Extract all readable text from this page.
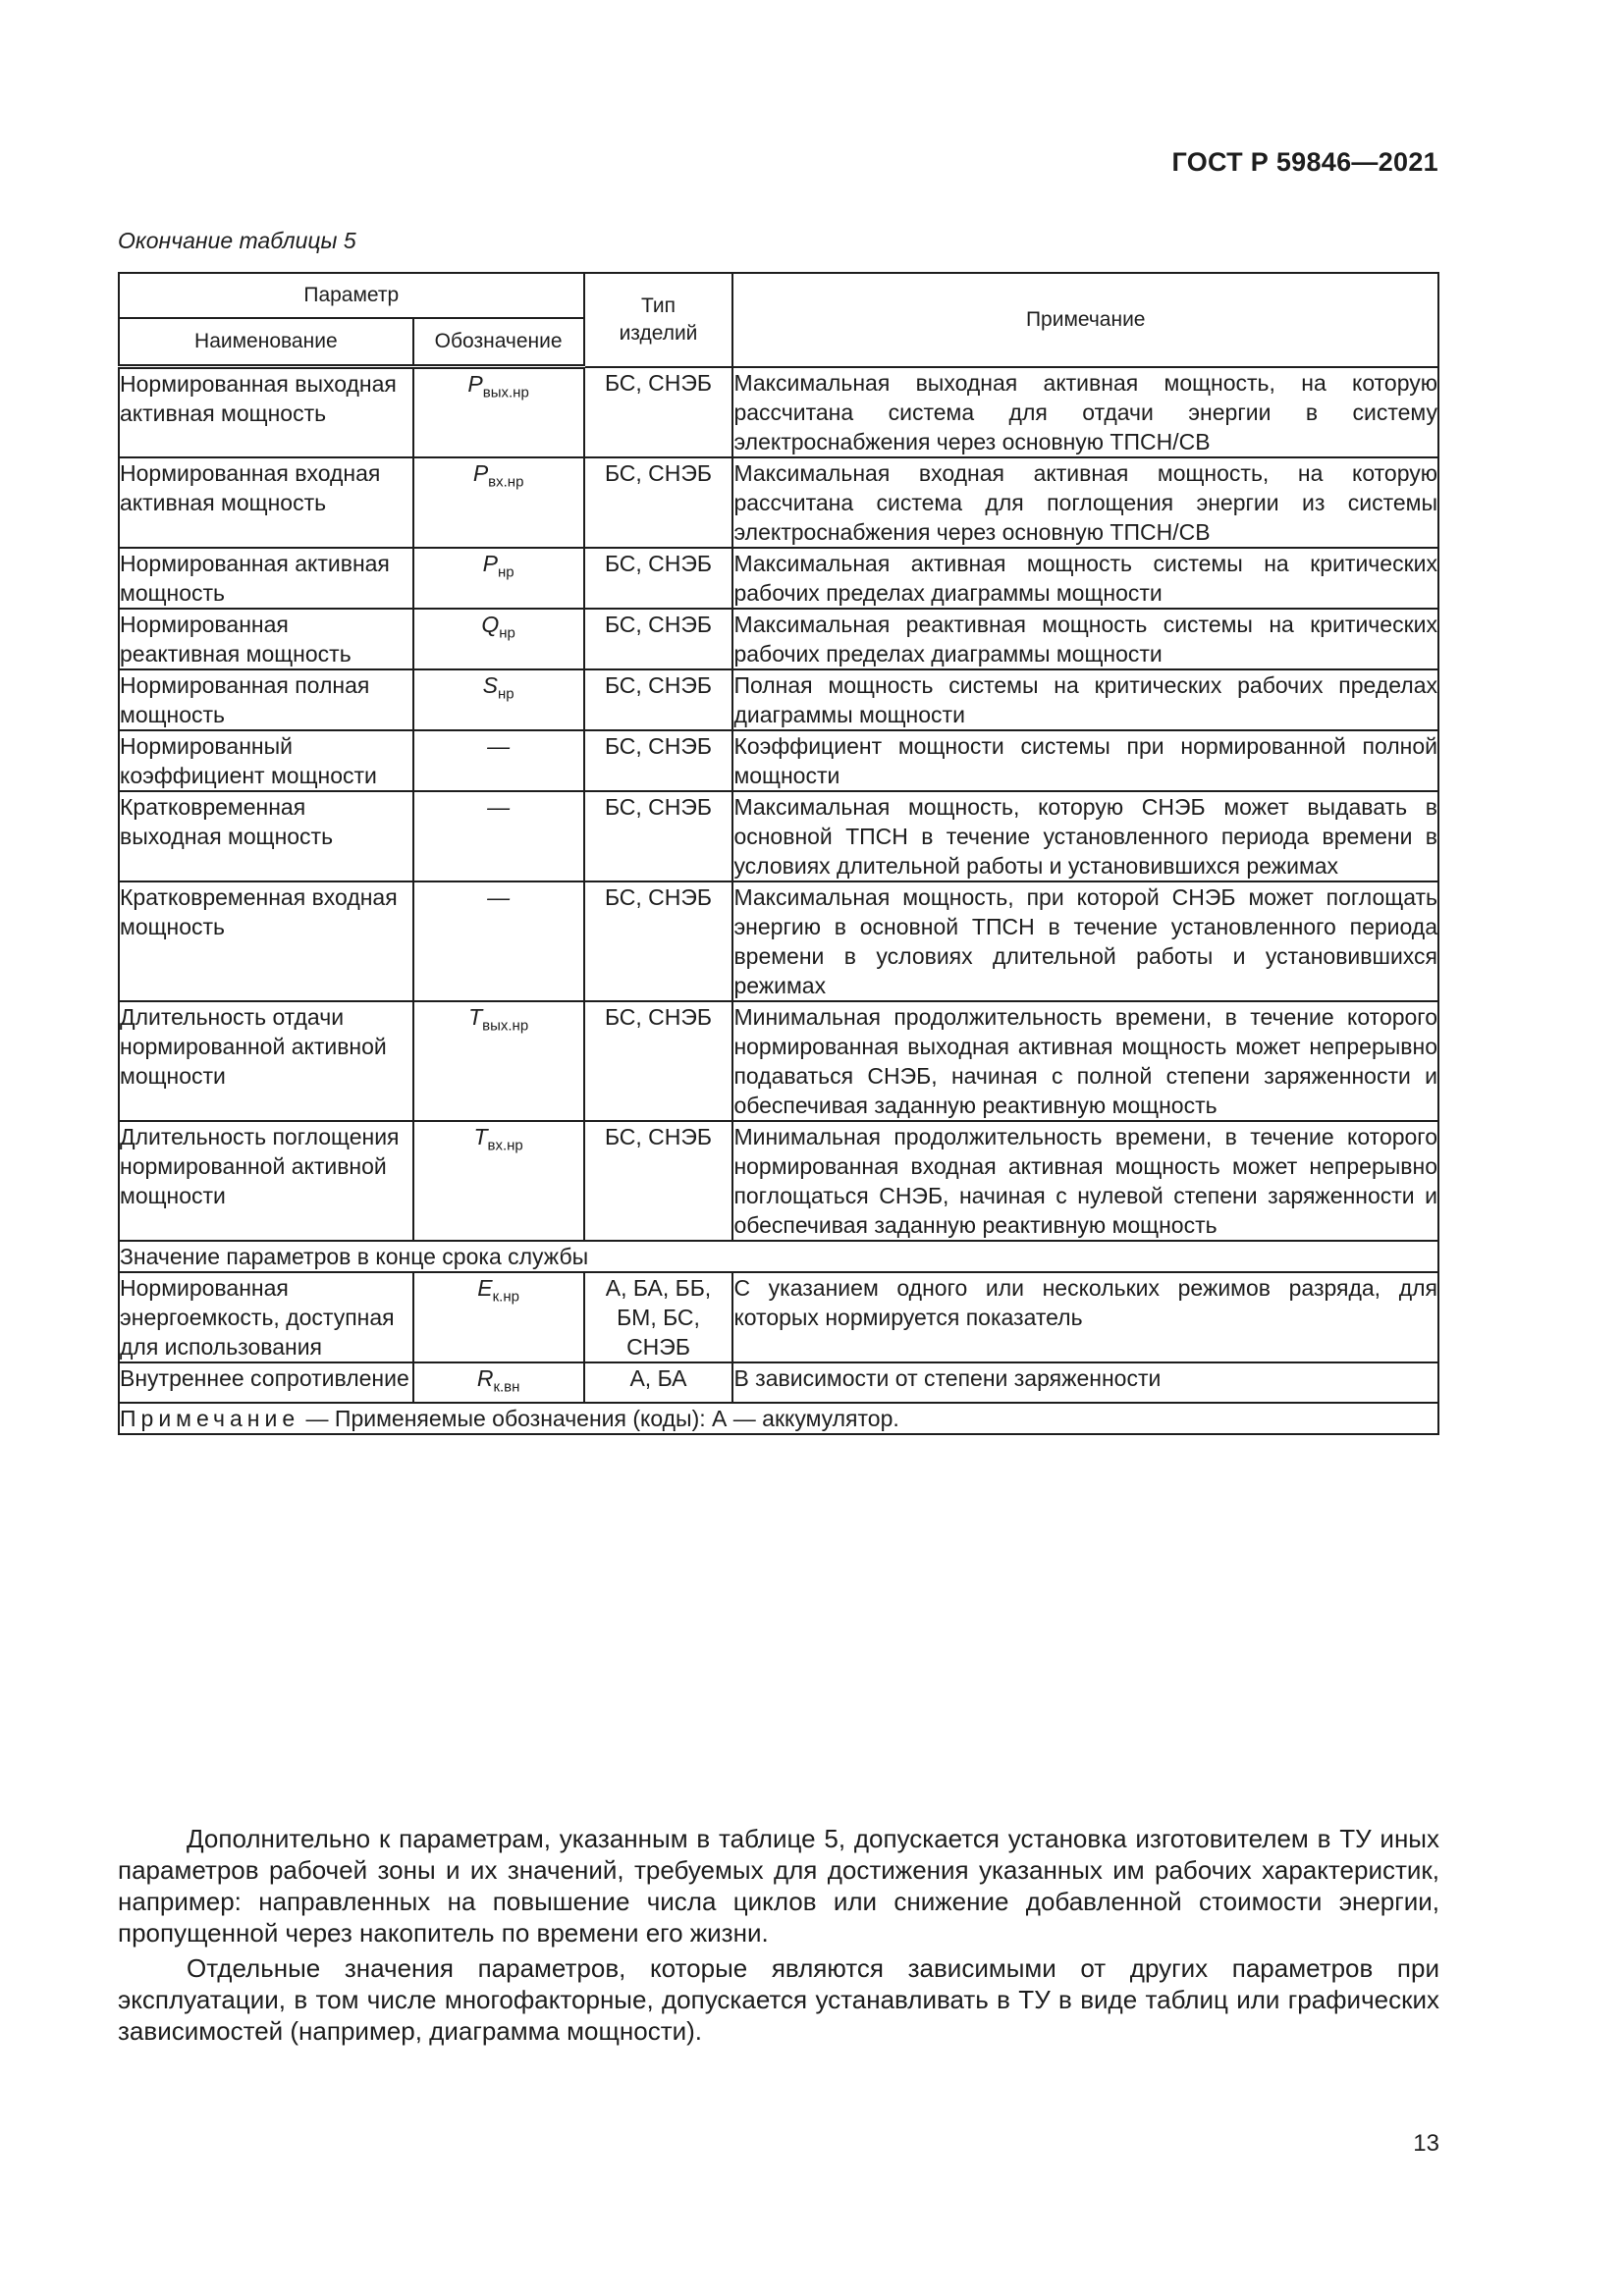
ГОСТ Р 59846—2021
Окончание таблицы 5
Параметр		Тип изделий	Примечание
Наименование	Обозначение		
Нормированная выходная активная мощность	$P_{вых.нр}$	БС, СНЭБ	Максимальная выходная активная мощность, на которую рассчитана система для отдачи энергии в систему электроснабжения через основную ТПСН/СВ
Нормированная входная активная мощность	$P_{вх.нр}$	БС, СНЭБ	Максимальная входная активная мощность, на которую рассчитана система для поглощения энергии из системы электроснабжения через основную ТПСН/СВ
Нормированная активная мощность	$P_{нр}$	БС, СНЭБ	Максимальная активная мощность системы на критических рабочих пределах диаграммы мощности
Нормированная реактивная мощность	$Q_{нр}$	БС, СНЭБ	Максимальная реактивная мощность системы на критических рабочих пределах диаграммы мощности
Нормированная полная мощность	$S_{нр}$	БС, СНЭБ	Полная мощность системы на критических рабочих пределах диаграммы мощности
Нормированный коэффициент мощности	—	БС, СНЭБ	Коэффициент мощности системы при нормированной полной мощности
Кратковременная выходная мощность	—	БС, СНЭБ	Максимальная мощность, которую СНЭБ может выдавать в основной ТПСН в течение установленного периода времени в условиях длительной работы и установившихся режимах
Кратковременная входная мощность	—	БС, СНЭБ	Максимальная мощность, при которой СНЭБ может поглощать энергию в основной ТПСН в течение установленного периода времени в условиях длительной работы и установившихся режимах
Длительность отдачи нормированной активной мощности	$T_{вых.нр}$	БС, СНЭБ	Минимальная продолжительность времени, в течение которого нормированная выходная активная мощность может непрерывно подаваться СНЭБ, начиная с полной степени заряженности и обеспечивая заданную реактивную мощность
Длительность поглощения нормированной активной мощности	$T_{вх.нр}$	БС, СНЭБ	Минимальная продолжительность времени, в течение которого нормированная входная активная мощность может непрерывно поглощаться СНЭБ, начиная с нулевой степени заряженности и обеспечивая заданную реактивную мощность
Значение параметров в конце срока службы			
Нормированная энергоемкость, доступная для использования	$E_{к.нр}$	А, БА, ББ, БМ, БС, СНЭБ	С указанием одного или нескольких режимов разряда, для которых нормируется показатель
Внутреннее сопротивление	$R_{к.вн}$	А, БА	В зависимости от степени заряженности
Примечание — Применяемые обозначения (коды): А — аккумулятор.			
Дополнительно к параметрам, указанным в таблице 5, допускается установка изготовителем в ТУ иных параметров рабочей зоны и их значений, требуемых для достижения указанных им рабочих характеристик, например: направленных на повышение числа циклов или снижение добавленной стоимости энергии, пропущенной через накопитель по времени его жизни.
Отдельные значения параметров, которые являются зависимыми от других параметров при эксплуатации, в том числе многофакторные, допускается устанавливать в ТУ в виде таблиц или графических зависимостей (например, диаграмма мощности).
13
